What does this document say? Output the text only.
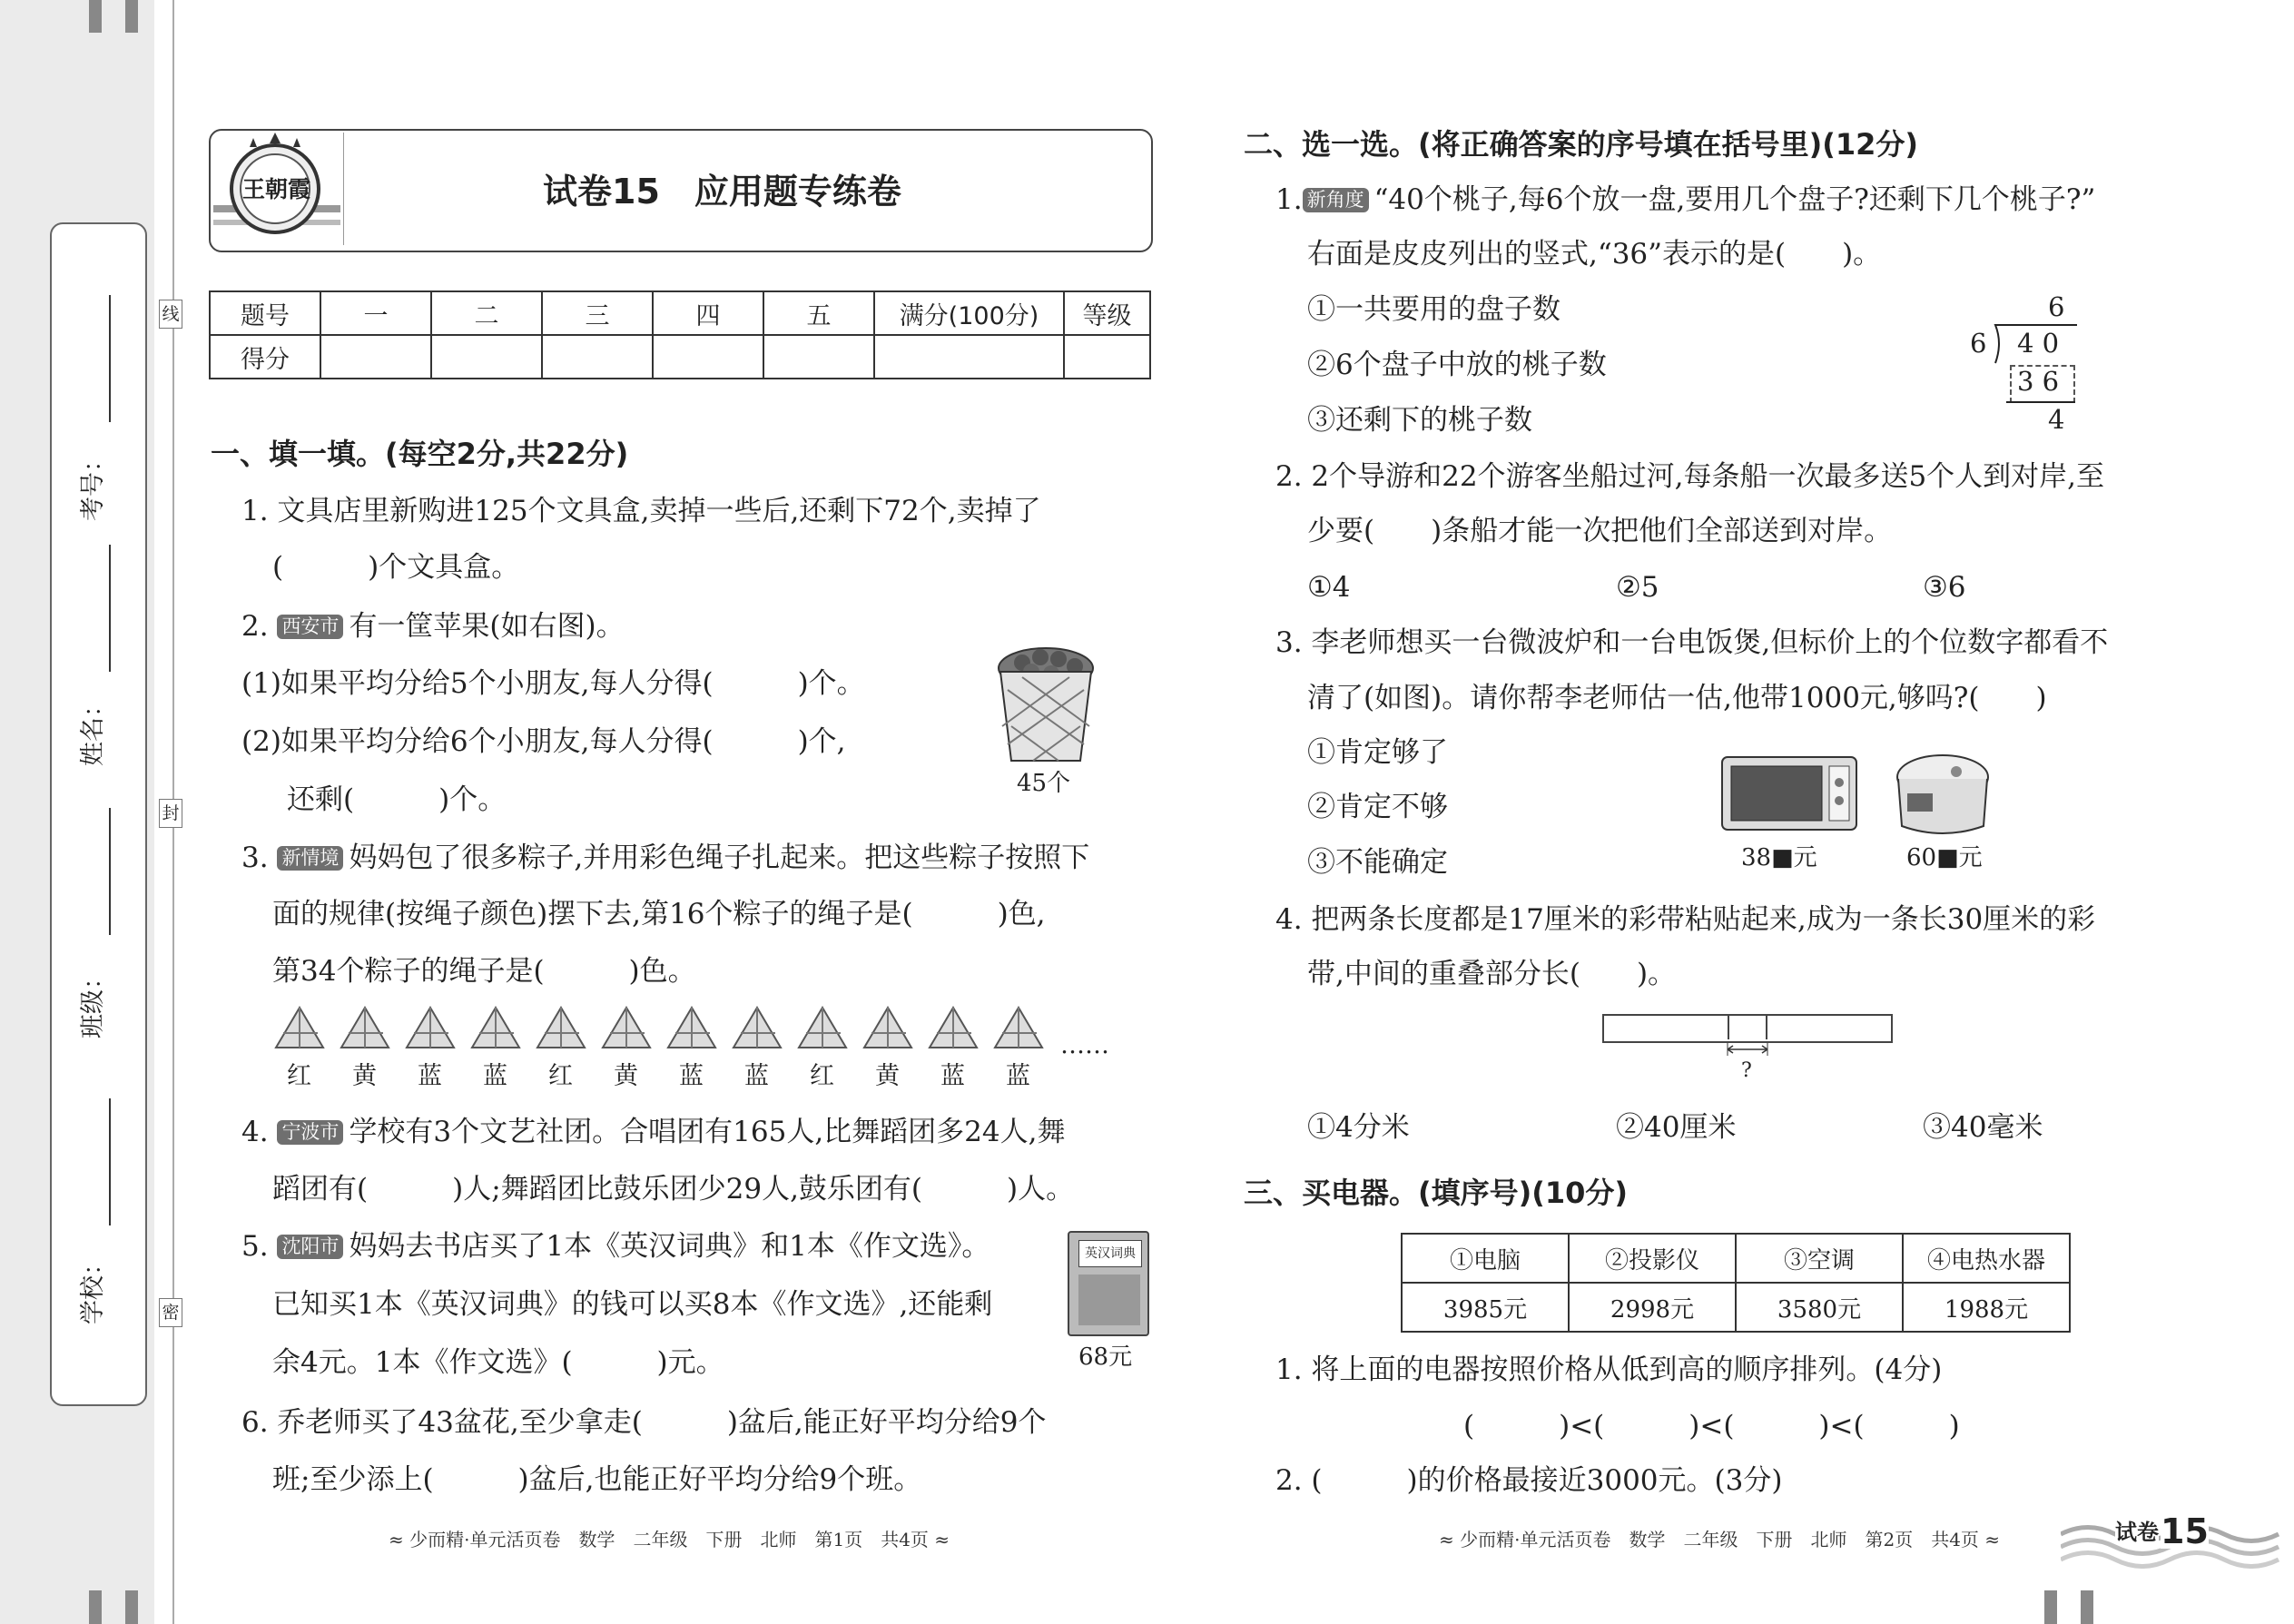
考号：
姓名：
班级：
学校：
线
封
密
王朝霞	试卷15　应用题专练卷
题号	一	二	三	四	五	满分(100分)	等级
得分							
一、填一填。(每空2分,共22分)
1. 文具店里新购进125个文具盒,卖掉一些后,还剩下72个,卖掉了
(　　　)个文具盒。
2. 西安市 有一筐苹果(如右图)。
(1)如果平均分给5个小朋友,每人分得(　　　)个。
(2)如果平均分给6个小朋友,每人分得(　　　)个,
还剩(　　　)个。	45个
3. 新情境 妈妈包了很多粽子,并用彩色绳子扎起来。把这些粽子按照下
面的规律(按绳子颜色)摆下去,第16个粽子的绳子是(　　　)色,
第34个粽子的绳子是(　　　)色。
红 黄 蓝 蓝 红 黄 蓝 蓝 红 黄 蓝 蓝
……
4. 宁波市 学校有3个文艺社团。合唱团有165人,比舞蹈团多24人,舞
蹈团有(　　　)人;舞蹈团比鼓乐团少29人,鼓乐团有(　　　)人。
5. 沈阳市 妈妈去书店买了1本《英汉词典》和1本《作文选》。
已知买1本《英汉词典》的钱可以买8本《作文选》,还能剩
余4元。1本《作文选》(　　　)元。
英汉词典
68元
6. 乔老师买了43盆花,至少拿走(　　　)盆后,能正好平均分给9个
班;至少添上(　　　)盆后,也能正好平均分给9个班。
≈ 少而精·单元活页卷　数学　二年级　下册　北师　第1页　共4页 ≈
二、选一选。(将正确答案的序号填在括号里)(12分)
1. 新角度 “40个桃子,每6个放一盘,要用几个盘子?还剩下几个桃子?”
右面是皮皮列出的竖式,“36”表示的是(　　)。
①一共要用的盘子数
②6个盘子中放的桃子数
③还剩下的桃子数
6
6 4 0
3 6
4
2. 2个导游和22个游客坐船过河,每条船一次最多送5个人到对岸,至
少要(　　)条船才能一次把他们全部送到对岸。
①4	②5	③6
3. 李老师想买一台微波炉和一台电饭煲,但标价上的个位数字都看不
清了(如图)。请你帮李老师估一估,他带1000元,够吗?(　　)
①肯定够了
②肯定不够
③不能确定	38■元	60■元
4. 把两条长度都是17厘米的彩带粘贴起来,成为一条长30厘米的彩
带,中间的重叠部分长(　　)。
?
①4分米	②40厘米	③40毫米
三、买电器。(填序号)(10分)
①电脑	②投影仪	③空调	④电热水器
3985元	2998元	3580元	1988元
1. 将上面的电器按照价格从低到高的顺序排列。(4分)
(　　　)<(　　　)<(　　　)<(　　　)
2. (　　　)的价格最接近3000元。(3分)
≈ 少而精·单元活页卷　数学　二年级　下册　北师　第2页　共4页 ≈	试卷 15
